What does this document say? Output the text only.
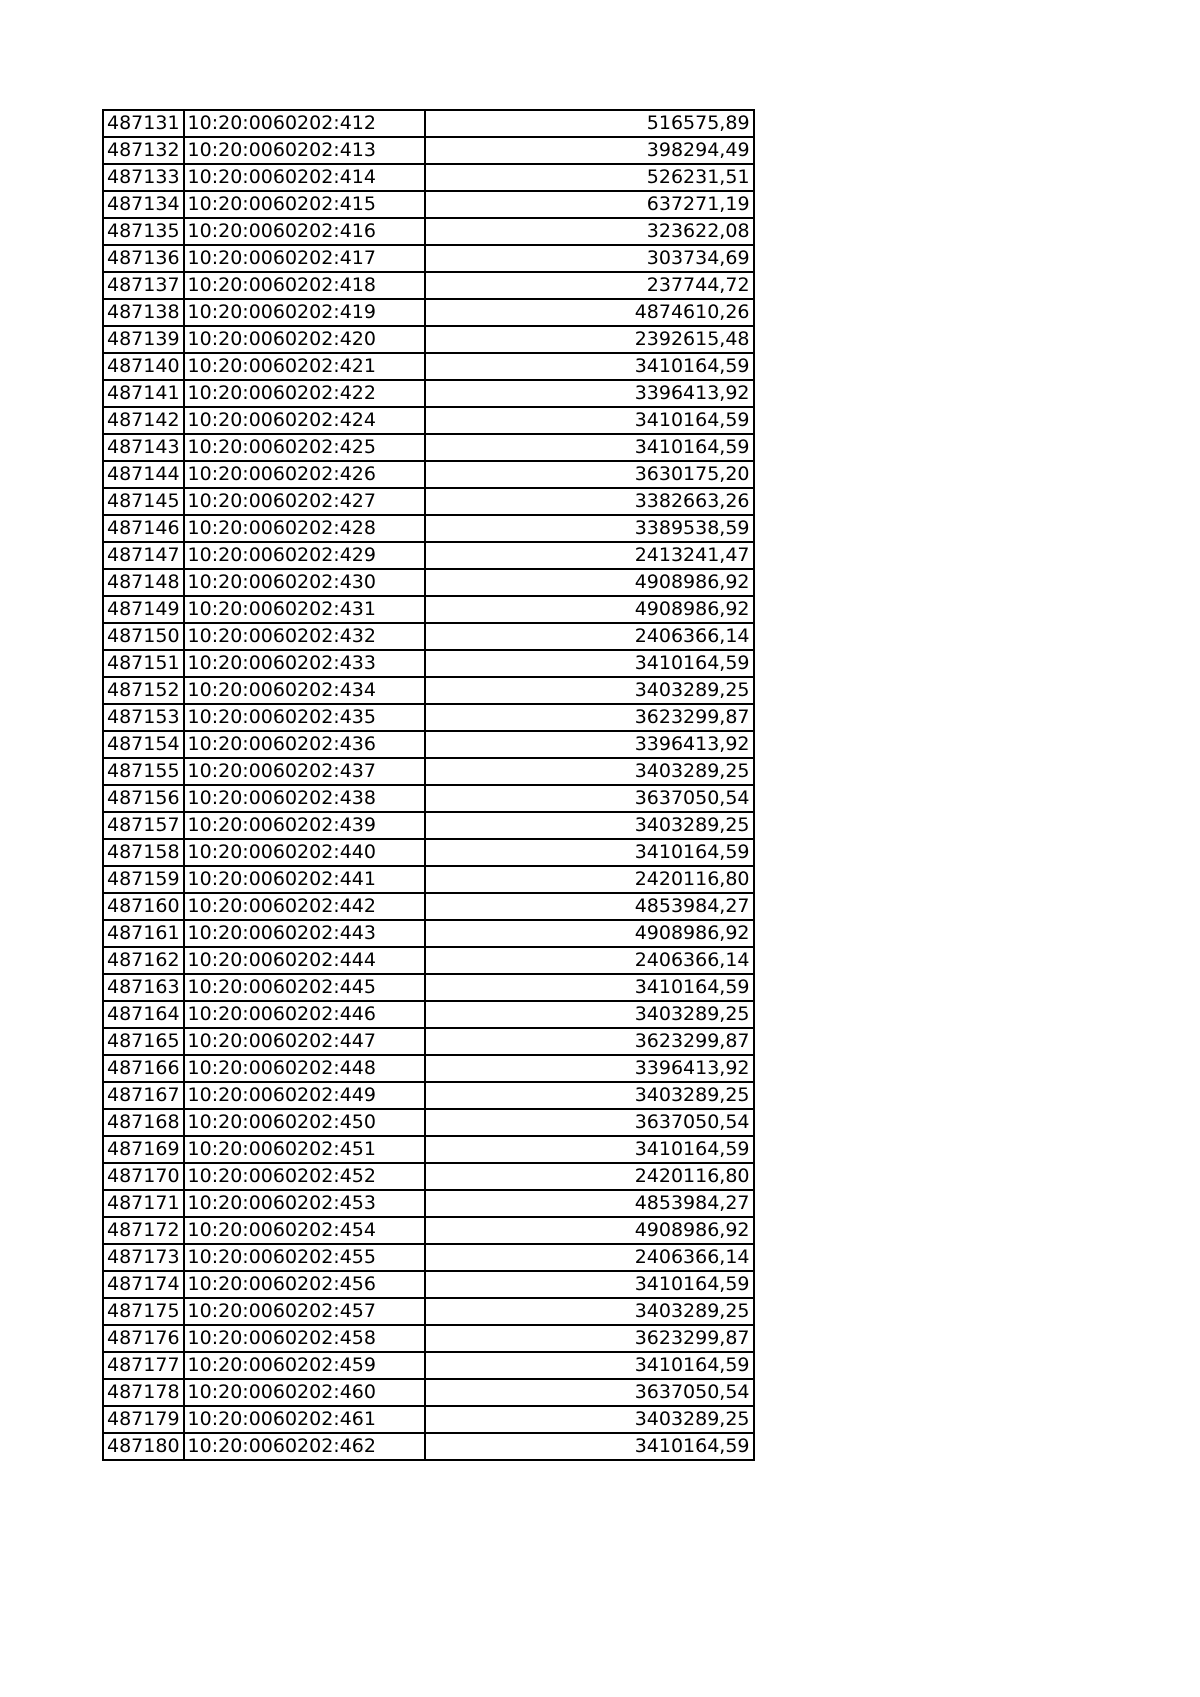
487131	10:20:0060202:412	516575,89
487132	10:20:0060202:413	398294,49
487133	10:20:0060202:414	526231,51
487134	10:20:0060202:415	637271,19
487135	10:20:0060202:416	323622,08
487136	10:20:0060202:417	303734,69
487137	10:20:0060202:418	237744,72
487138	10:20:0060202:419	4874610,26
487139	10:20:0060202:420	2392615,48
487140	10:20:0060202:421	3410164,59
487141	10:20:0060202:422	3396413,92
487142	10:20:0060202:424	3410164,59
487143	10:20:0060202:425	3410164,59
487144	10:20:0060202:426	3630175,20
487145	10:20:0060202:427	3382663,26
487146	10:20:0060202:428	3389538,59
487147	10:20:0060202:429	2413241,47
487148	10:20:0060202:430	4908986,92
487149	10:20:0060202:431	4908986,92
487150	10:20:0060202:432	2406366,14
487151	10:20:0060202:433	3410164,59
487152	10:20:0060202:434	3403289,25
487153	10:20:0060202:435	3623299,87
487154	10:20:0060202:436	3396413,92
487155	10:20:0060202:437	3403289,25
487156	10:20:0060202:438	3637050,54
487157	10:20:0060202:439	3403289,25
487158	10:20:0060202:440	3410164,59
487159	10:20:0060202:441	2420116,80
487160	10:20:0060202:442	4853984,27
487161	10:20:0060202:443	4908986,92
487162	10:20:0060202:444	2406366,14
487163	10:20:0060202:445	3410164,59
487164	10:20:0060202:446	3403289,25
487165	10:20:0060202:447	3623299,87
487166	10:20:0060202:448	3396413,92
487167	10:20:0060202:449	3403289,25
487168	10:20:0060202:450	3637050,54
487169	10:20:0060202:451	3410164,59
487170	10:20:0060202:452	2420116,80
487171	10:20:0060202:453	4853984,27
487172	10:20:0060202:454	4908986,92
487173	10:20:0060202:455	2406366,14
487174	10:20:0060202:456	3410164,59
487175	10:20:0060202:457	3403289,25
487176	10:20:0060202:458	3623299,87
487177	10:20:0060202:459	3410164,59
487178	10:20:0060202:460	3637050,54
487179	10:20:0060202:461	3403289,25
487180	10:20:0060202:462	3410164,59
